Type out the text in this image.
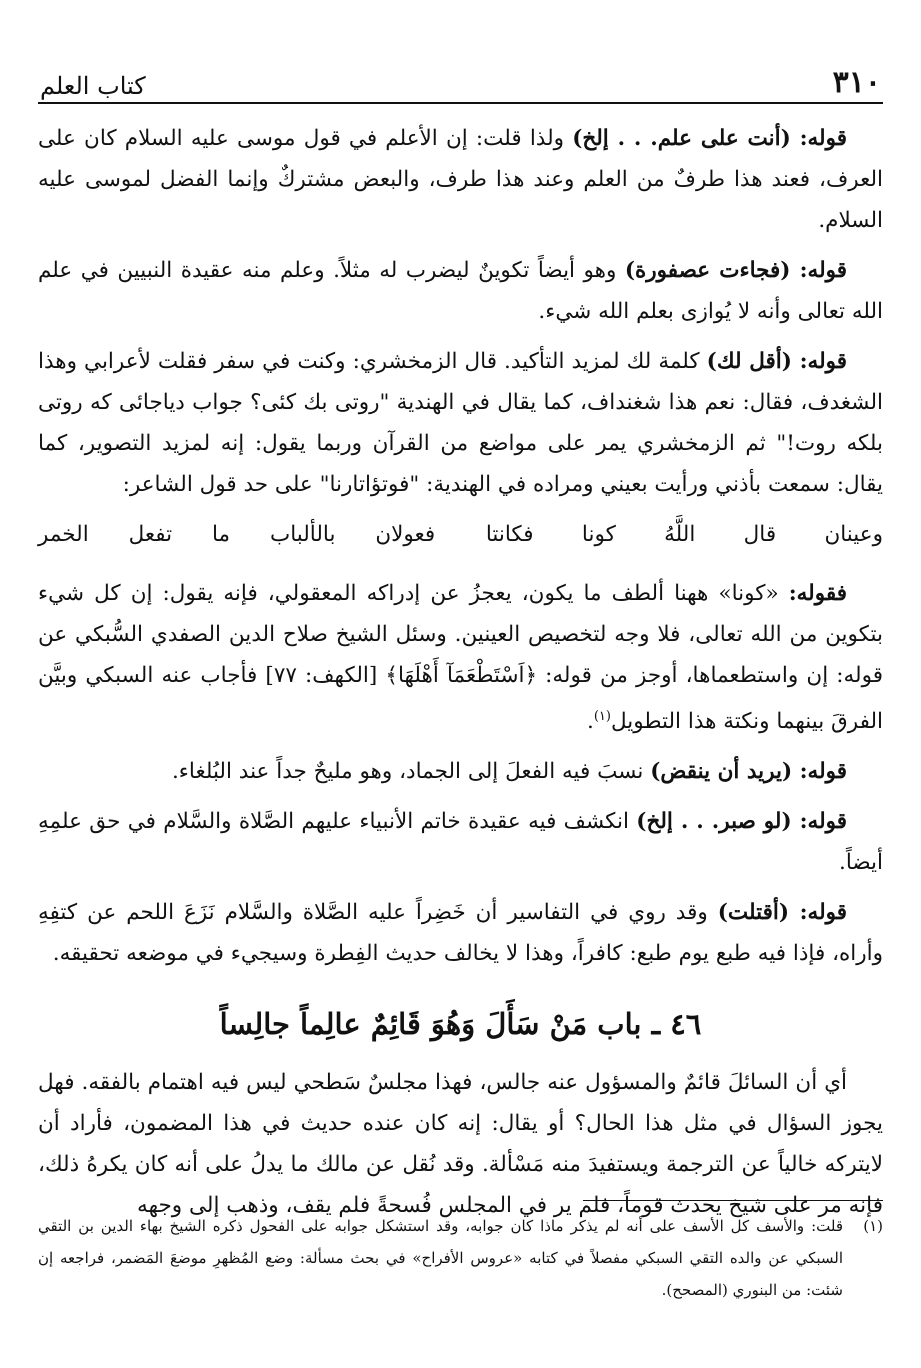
٣١٠
كتاب العلم

قوله: (أنت على علم. . . إلخ) ولذا قلت: إن الأعلم في قول موسى عليه السلام كان على العرف، فعند هذا طرفٌ من العلم وعند هذا طرف، والبعض مشتركٌ وإنما الفضل لموسى عليه السلام.

قوله: (فجاءت عصفورة) وهو أيضاً تكوينٌ ليضرب له مثلاً. وعلم منه عقيدة النبيين في علم الله تعالى وأنه لا يُوازى بعلم الله شيء.

قوله: (أقل لك) كلمة لك لمزيد التأكيد. قال الزمخشري: وكنت في سفر فقلت لأعرابي وهذا الشغدف، فقال: نعم هذا شغنداف، كما يقال في الهندية "روتى بك كئى؟ جواب دياجائى كه روتى بلكه روت!" ثم الزمخشري يمر على مواضع من القرآن وربما يقول: إنه لمزيد التصوير، كما يقال: سمعت بأذني ورأيت بعيني ومراده في الهندية: "فوتؤاتارنا" على حد قول الشاعر:

وعينان قال اللَّهُ كونا فكانتا
فعولان بالألباب ما تفعل الخمر

فقوله: «كونا» ههنا ألطف ما يكون، يعجزُ عن إدراكه المعقولي، فإنه يقول: إن كل شيء بتكوين من الله تعالى، فلا وجه لتخصيص العينين. وسئل الشيخ صلاح الدين الصفدي السُّبكي عن قوله: إن واستطعماها، أوجز من قوله: ﴿اَسْتَطْعَمَآ أَهْلَهَا﴾ [الكهف: ٧٧] فأجاب عنه السبكي وبيَّن الفرقَ بينهما ونكتة هذا التطويل$^{(١)}$.

قوله: (يريد أن ينقض) نسبَ فيه الفعلَ إلى الجماد، وهو مليحٌ جداً عند البُلغاء.

قوله: (لو صبر. . . إلخ) انكشف فيه عقيدة خاتم الأنبياء عليهم الصَّلاة والسَّلام في حق علمِهِ أيضاً.

قوله: (أقتلت) وقد روي في التفاسير أن خَضِراً عليه الصَّلاة والسَّلام نَزَعَ اللحم عن كتفِهِ وأراه، فإذا فيه طبع يوم طبع: كافراً، وهذا لا يخالف حديث الفِطرة وسيجيء في موضعه تحقيقه.

٤٦ ـ باب مَنْ سَأَلَ وَهُوَ قَائِمٌ عالِماً جالِساً

أي أن السائلَ قائمٌ والمسؤول عنه جالس، فهذا مجلسٌ سَطحي ليس فيه اهتمام بالفقه. فهل يجوز السؤال في مثل هذا الحال؟ أو يقال: إنه كان عنده حديث في هذا المضمون، فأراد أن لايتركه خالياً عن الترجمة ويستفيدَ منه مَسْألة. وقد نُقل عن مالك ما يدلُ على أنه كان يكرهُ ذلك، فإنه مر على شيخ يحدث قوماً، فلم ير في المجلس فُسحةً فلم يقف، وذهب إلى وجهه

(١)
قلت: والأسف كل الأسف على أنه لم يذكر ماذا كان جوابه، وقد استشكل جوابه على الفحول ذكره الشيخ بهاء الدين بن التقي السبكي عن والده التقي السبكي مفصلاً في كتابه «عروس الأفراح» في بحث مسألة: وضع المُظهرِ موضعَ المَضمر، فراجعه إن شئت: من البنوري (المصحح).
